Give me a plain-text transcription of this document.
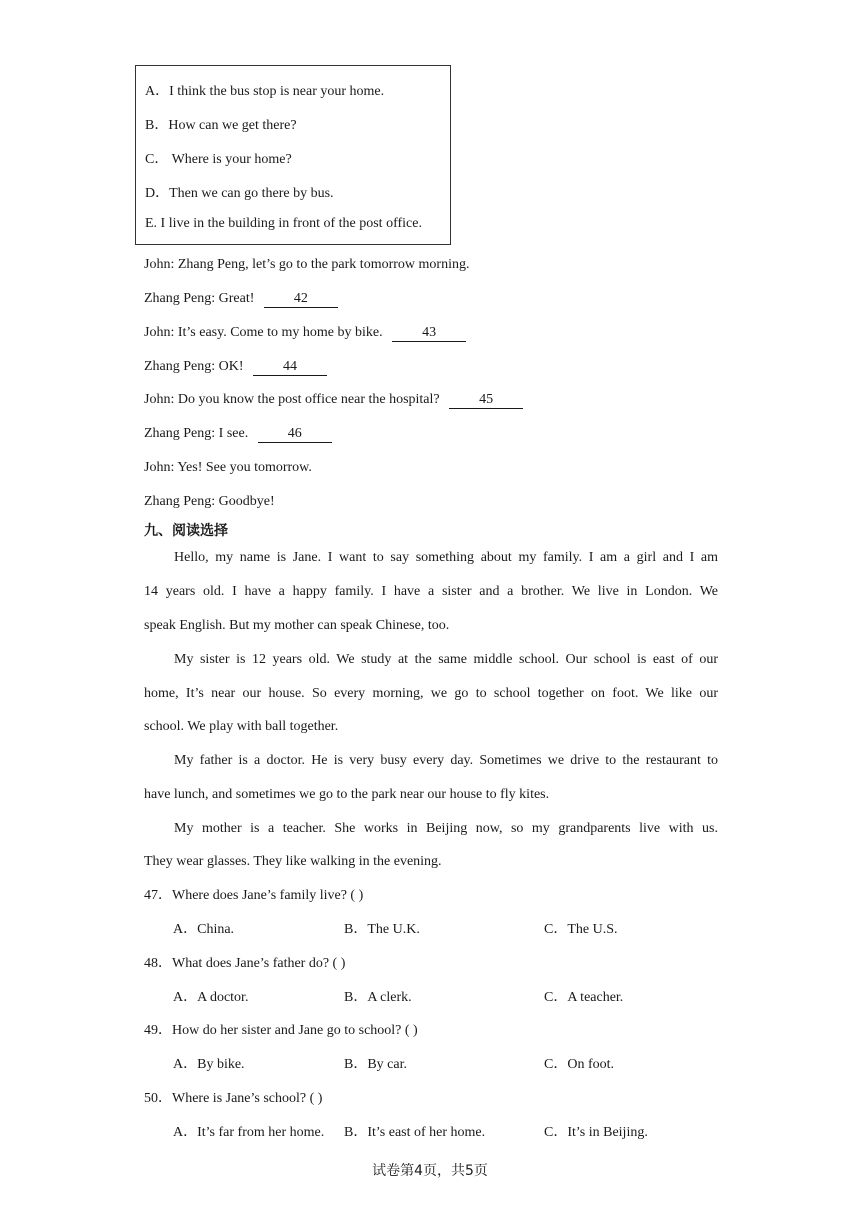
A．I think the bus stop is near your home.
B．How can we get there?
C． Where is your home?
D．Then we can go there by bus.
E. I live in the building in front of the post office.
John: Zhang Peng, let’s go to the park tomorrow morning.
Zhang Peng: Great!	42
John: It’s easy. Come to my home by bike.	43
Zhang Peng: OK!	44
John: Do you know the post office near the hospital?	45
Zhang Peng: I see.	46
John: Yes! See you tomorrow.
Zhang Peng: Goodbye!
九、阅读选择
Hello, my name is Jane. I want to say something about my family. I am a girl and I am
14 years old. I have a happy family. I have a sister and a brother. We live in London. We
speak English. But my mother can speak Chinese, too.
My sister is 12 years old. We study at the same middle school. Our school is east of our
home, It’s near our house. So every morning, we go to school together on foot. We like our
school. We play with ball together.
My father is a doctor. He is very busy every day. Sometimes we drive to the restaurant to
have lunch, and sometimes we go to the park near our house to fly kites.
My mother is a teacher. She works in Beijing now, so my grandparents live with us.
They wear glasses. They like walking in the evening.
47．Where does Jane’s family live? ( )
A．China.	B．The U.K.	C．The U.S.
48．What does Jane’s father do? ( )
A．A doctor.	B．A clerk.	C．A teacher.
49．How do her sister and Jane go to school? ( )
A．By bike.	B．By car.	C．On foot.
50．Where is Jane’s school? ( )
A．It’s far from her home. B．It’s east of her home.	C．It’s in Beijing.
试卷第4页，共5页
